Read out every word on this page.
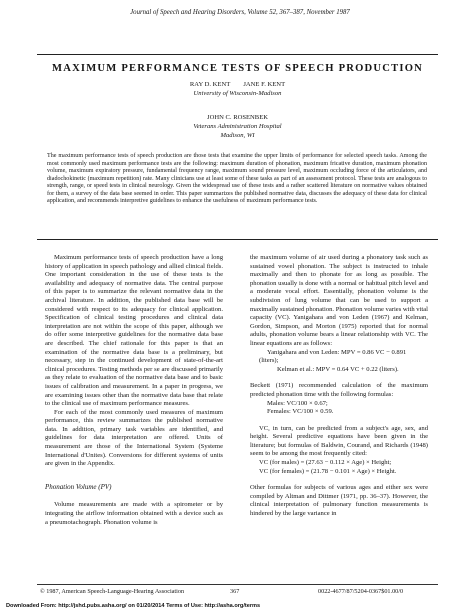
Journal of Speech and Hearing Disorders, Volume 52, 367–387, November 1987
MAXIMUM PERFORMANCE TESTS OF SPEECH PRODUCTION
RAY D. KENT        JANE F. KENT
University of Wisconsin-Madison
JOHN C. ROSENBEK
Veterans Administration Hospital
Madison, WI
The maximum performance tests of speech production are those tests that examine the upper limits of performance for selected speech tasks. Among the most commonly used maximum performance tests are the following: maximum duration of phonation, maximum fricative duration, maximum phonation volume, maximum expiratory pressure, fundamental frequency range, maximum sound pressure level, maximum occluding force of the articulators, and diadochokinetic (maximum repetition) rate. Many clinicians use at least some of these tasks as part of an assessment protocol. These tests are analogous to strength, range, or speed tests in clinical neurology. Given the widespread use of these tests and a rather scattered literature on normative values obtained for them, a survey of the data base seemed in order. This paper summarizes the published normative data, discusses the adequacy of these data for clinical application, and recommends interpretive guidelines to enhance the usefulness of maximum performance tests.

Maximum performance tests of speech production have a long history of application in speech pathology and allied clinical fields. One important consideration in the use of these tests is the availability and adequacy of normative data. The central purpose of this paper is to summarize the relevant normative data in the archival literature. In addition, the published data base will be considered with respect to its adequacy for clinical application. Specification of clinical testing procedures and clinical data interpretation are not within the scope of this paper, although we do offer some interpretive guidelines for the normative data base are described. The chief rationale for this paper is that an examination of the normative data base is a preliminary, but necessary, step in the continued development of state-of-the-art clinical procedures. Testing methods per se are discussed primarily as they relate to evaluation of the normative data base and to basic issues of calibration and measurement. In a paper in progress, we are examining issues other than the normative data base that relate to the clinical use of maximum performance measures.

For each of the most commonly used measures of maximum performance, this review summarizes the published normative data. In addition, primary task variables are identified, and guidelines for data interpretation are offered. Units of measurement are those of the International System (Systeme International d'Unites). Conversions for different systems of units are given in the Appendix.

Phonation Volume (PV)

Volume measurements are made with a spirometer or by integrating the airflow information obtained with a device such as a pneumotachograph. Phonation volume is

the maximum volume of air used during a phonatory task such as sustained vowel phonation. The subject is instructed to inhale maximally and then to phonate for as long as possible. The phonation usually is done with a normal or habitual pitch level and a moderate vocal effort. Essentially, phonation volume is the subdivision of lung volume that can be used to support a maximally sustained phonation. Phonation volume varies with vital capacity (VC). Yanigahara and von Leden (1967) and Kelman, Gordon, Simpson, and Morton (1975) reported that for normal adults, phonation volume bears a linear relationship with VC. The linear equations are as follows:

Yanigahara and von Leden: MPV = 0.86 VC − 0.891

(liters);

Kelman et al.: MPV = 0.64 VC + 0.22 (liters).

Beckett (1971) recommended calculation of the maximum predicted phonation time with the following formulas:

Males: VC/100 × 0.67;

Females: VC/100 × 0.59.

VC, in turn, can be predicted from a subject's age, sex, and height. Several predictive equations have been given in the literature; but formulas of Baldwin, Courand, and Richards (1948) seem to be among the most frequently cited:

VC (for males) = (27.63 − 0.112 × Age) × Height;

VC (for females) = (21.78 − 0.101 × Age) × Height.

Other formulas for subjects of various ages and either sex were compiled by Altman and Dittmer (1971, pp. 36–37). However, the clinical interpretation of pulmonary function measurements is hindered by the large variance in

© 1987, American Speech-Language-Hearing Association	367	0022-4677/87/5204-0367$01.00/0
Downloaded From: http://jshd.pubs.asha.org/ on 01/20/2014 Terms of Use: http://asha.org/terms
